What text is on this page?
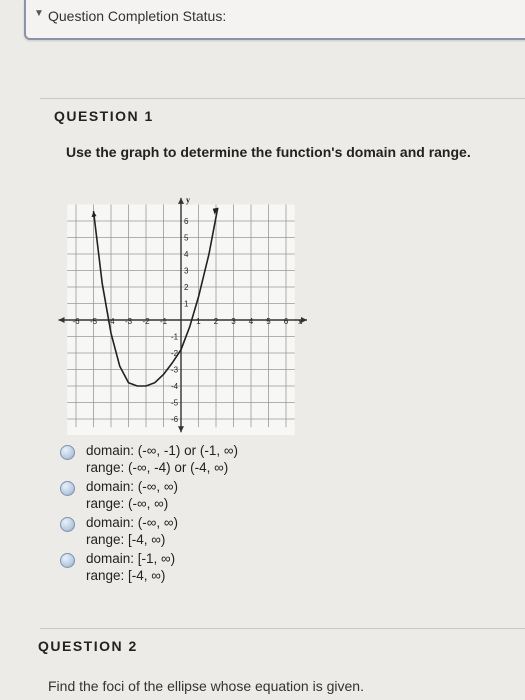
▼ Question Completion Status:
QUESTION 1
Use the graph to determine the function's domain and range.
-6 -5 -4 -3 -2 -1	1 2 3 4 5 6
1
2
3
4
5
6
-1
-2
-3
-4
-5
-6
x
y
domain: (-∞, -1) or (-1, ∞)
range: (-∞, -4) or (-4, ∞)
domain: (-∞, ∞)
range: (-∞, ∞)
domain: (-∞, ∞)
range: [-4, ∞)
domain: [-1, ∞)
range: [-4, ∞)
QUESTION 2
Find the foci of the ellipse whose equation is given.
